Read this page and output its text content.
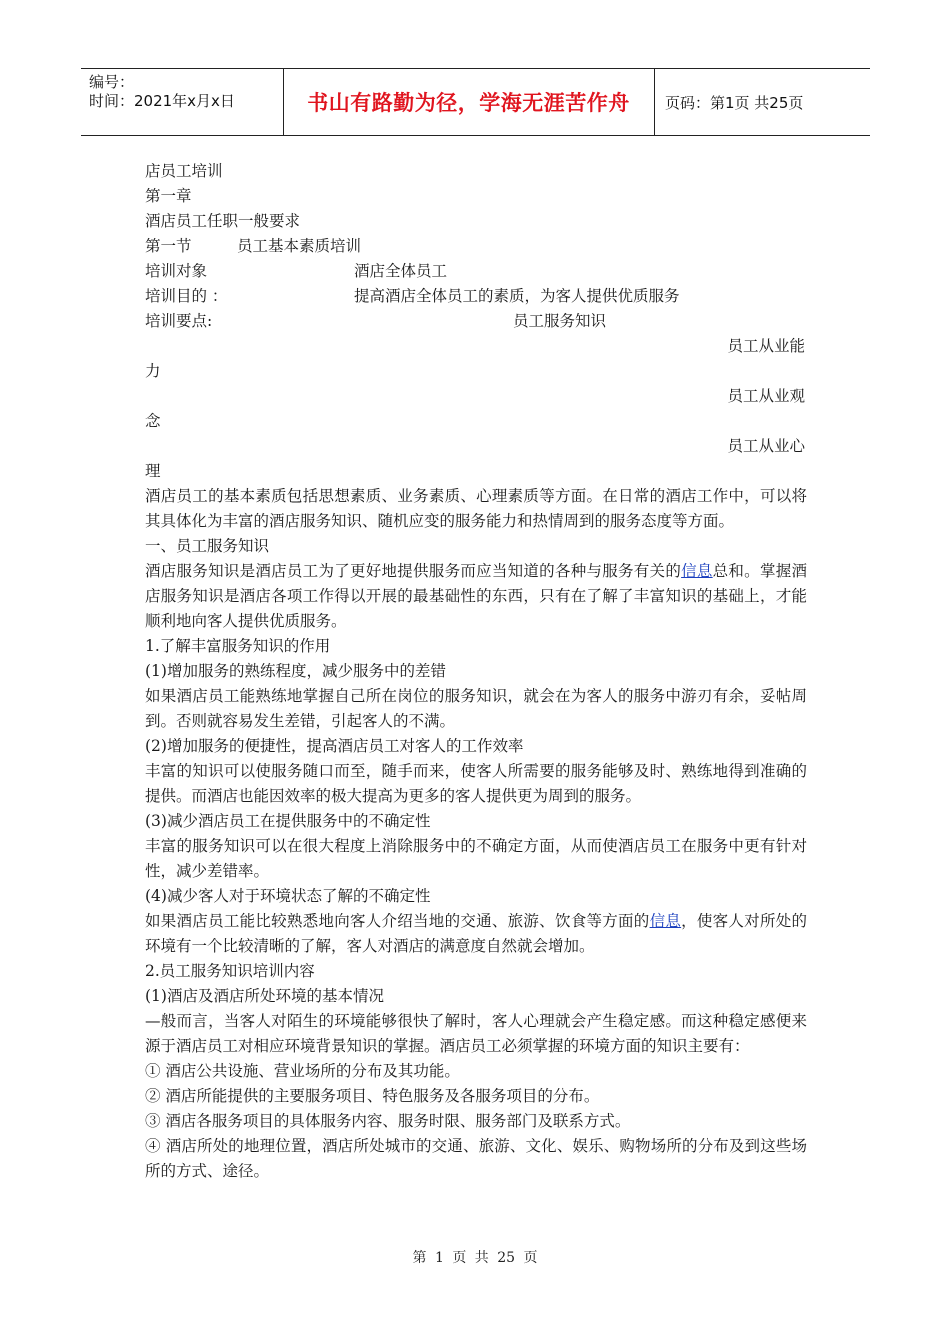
编号：
时间：2021年x月x日	书山有路勤为径，学海无涯苦作舟	页码：第1页 共25页
店员工培训
第一章
酒店员工任职一般要求
第一节	员工基本素质培训
培训对象	酒店全体员工
培训目的 ：	提高酒店全体员工的素质，为客人提供优质服务
培训要点:	员工服务知识
员工从业能
力
员工从业观
念
员工从业心
理
酒店员工的基本素质包括思想素质、业务素质、心理素质等方面。在日常的酒店工作中，可以将其具体化为丰富的酒店服务知识、随机应变的服务能力和热情周到的服务态度等方面。
一、员工服务知识
酒店服务知识是酒店员工为了更好地提供服务而应当知道的各种与服务有关的信息总和。掌握酒店服务知识是酒店各项工作得以开展的最基础性的东西，只有在了解了丰富知识的基础上，才能顺利地向客人提供优质服务。
1.了解丰富服务知识的作用
(1)增加服务的熟练程度，减少服务中的差错
如果酒店员工能熟练地掌握自己所在岗位的服务知识，就会在为客人的服务中游刃有余，妥帖周到。否则就容易发生差错，引起客人的不满。
(2)增加服务的便捷性，提高酒店员工对客人的工作效率
丰富的知识可以使服务随口而至，随手而来，使客人所需要的服务能够及时、熟练地得到准确的提供。而酒店也能因效率的极大提高为更多的客人提供更为周到的服务。
(3)减少酒店员工在提供服务中的不确定性
丰富的服务知识可以在很大程度上消除服务中的不确定方面，从而使酒店员工在服务中更有针对性，减少差错率。
(4)减少客人对于环境状态了解的不确定性
如果酒店员工能比较熟悉地向客人介绍当地的交通、旅游、饮食等方面的信息，使客人对所处的环境有一个比较清晰的了解，客人对酒店的满意度自然就会增加。
2.员工服务知识培训内容
(1)酒店及酒店所处环境的基本情况
—般而言，当客人对陌生的环境能够很快了解时，客人心理就会产生稳定感。而这种稳定感便来源于酒店员工对相应环境背景知识的掌握。酒店员工必须掌握的环境方面的知识主要有：
① 酒店公共设施、营业场所的分布及其功能。
② 酒店所能提供的主要服务项目、特色服务及各服务项目的分布。
③ 酒店各服务项目的具体服务内容、服务时限、服务部门及联系方式。
④ 酒店所处的地理位置，酒店所处城市的交通、旅游、文化、娱乐、购物场所的分布及到这些场所的方式、途径。
第 1 页 共 25 页
